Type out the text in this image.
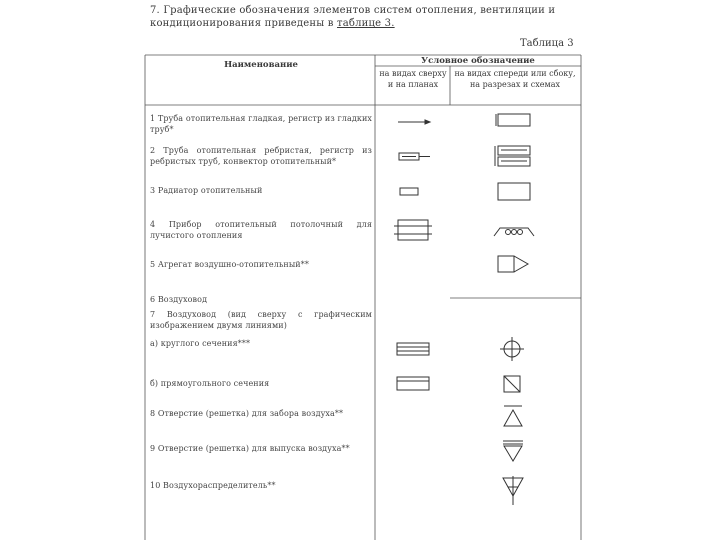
7. Графические обозначения элементов систем отопления, вентиляции и
кондиционирования приведены в таблице 3.
Таблица 3
Наименование	Условное обозначение
на видах сверху и на планах
на видах спереди или сбоку, на разрезах и схемах
1 Труба отопительная гладкая, регистр из гладких труб*
2 Труба отопительная ребристая, регистр из ребристых труб, конвектор отопительный*
3 Радиатор отопительный
4 Прибор отопительный потолочный для лучистого отопления
5 Агрегат воздушно-отопительный**
6 Воздуховод
7 Воздуховод (вид сверху с графическим изображением двумя линиями)
а) круглого сечения***
б) прямоугольного сечения
8 Отверстие (решетка) для забора воздуха**
9 Отверстие (решетка) для выпуска воздуха**
10 Воздухораспределитель**
